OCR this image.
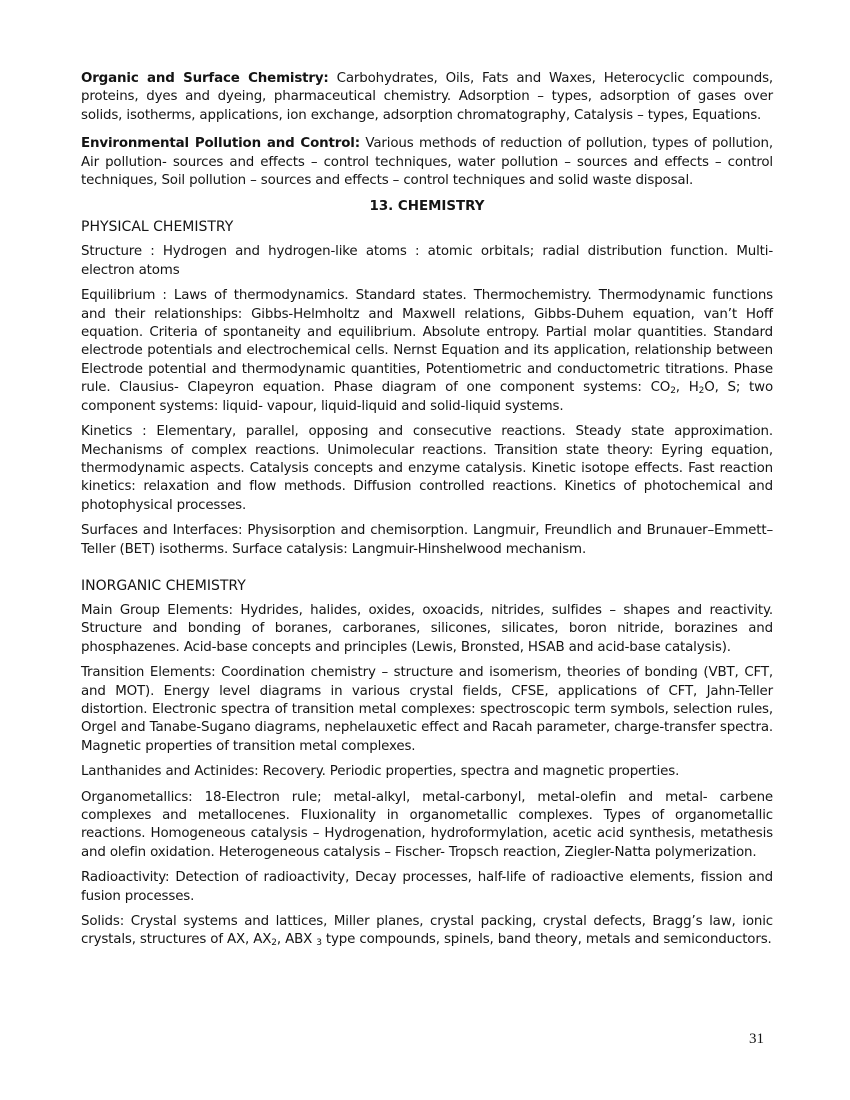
Organic and Surface Chemistry: Carbohydrates, Oils, Fats and Waxes, Heterocyclic compounds, proteins, dyes and dyeing, pharmaceutical chemistry. Adsorption – types, adsorption of gases over solids, isotherms, applications, ion exchange, adsorption chromatography, Catalysis – types, Equations.

Environmental Pollution and Control: Various methods of reduction of pollution, types of pollution, Air pollution- sources and effects – control techniques, water pollution – sources and effects – control techniques, Soil pollution – sources and effects – control techniques and solid waste disposal.

13. CHEMISTRY
PHYSICAL CHEMISTRY

Structure : Hydrogen and hydrogen-like atoms : atomic orbitals; radial distribution function. Multi-electron atoms

Equilibrium : Laws of thermodynamics. Standard states. Thermochemistry. Thermodynamic functions and their relationships: Gibbs-Helmholtz and Maxwell relations, Gibbs-Duhem equation, van’t Hoff equation. Criteria of spontaneity and equilibrium. Absolute entropy. Partial molar quantities. Standard electrode potentials and electrochemical cells. Nernst Equation and its application, relationship between Electrode potential and thermodynamic quantities, Potentiometric and conductometric titrations. Phase rule. Clausius- Clapeyron equation. Phase diagram of one component systems: $CO_2$, $H_2O$, S; two component systems: liquid- vapour, liquid-liquid and solid-liquid systems.

Kinetics : Elementary, parallel, opposing and consecutive reactions. Steady state approximation. Mechanisms of complex reactions. Unimolecular reactions. Transition state theory: Eyring equation, thermodynamic aspects. Catalysis concepts and enzyme catalysis. Kinetic isotope effects. Fast reaction kinetics: relaxation and flow methods. Diffusion controlled reactions. Kinetics of photochemical and photophysical processes.

Surfaces and Interfaces: Physisorption and chemisorption. Langmuir, Freundlich and Brunauer–Emmett–Teller (BET) isotherms. Surface catalysis: Langmuir-Hinshelwood mechanism.

INORGANIC CHEMISTRY

Main Group Elements: Hydrides, halides, oxides, oxoacids, nitrides, sulfides – shapes and reactivity. Structure and bonding of boranes, carboranes, silicones, silicates, boron nitride, borazines and phosphazenes. Acid-base concepts and principles (Lewis, Bronsted, HSAB and acid-base catalysis).

Transition Elements: Coordination chemistry – structure and isomerism, theories of bonding (VBT, CFT, and MOT). Energy level diagrams in various crystal fields, CFSE, applications of CFT, Jahn-Teller distortion. Electronic spectra of transition metal complexes: spectroscopic term symbols, selection rules, Orgel and Tanabe-Sugano diagrams, nephelauxetic effect and Racah parameter, charge-transfer spectra. Magnetic properties of transition metal complexes.

Lanthanides and Actinides: Recovery. Periodic properties, spectra and magnetic properties.

Organometallics: 18-Electron rule; metal-alkyl, metal-carbonyl, metal-olefin and metal- carbene complexes and metallocenes. Fluxionality in organometallic complexes. Types of organometallic reactions. Homogeneous catalysis – Hydrogenation, hydroformylation, acetic acid synthesis, metathesis and olefin oxidation. Heterogeneous catalysis – Fischer- Tropsch reaction, Ziegler-Natta polymerization.

Radioactivity: Detection of radioactivity, Decay processes, half-life of radioactive elements, fission and fusion processes.

Solids: Crystal systems and lattices, Miller planes, crystal packing, crystal defects, Bragg’s law, ionic crystals, structures of AX, $AX_2$, ABX $_3$ type compounds, spinels, band theory, metals and semiconductors.

31
